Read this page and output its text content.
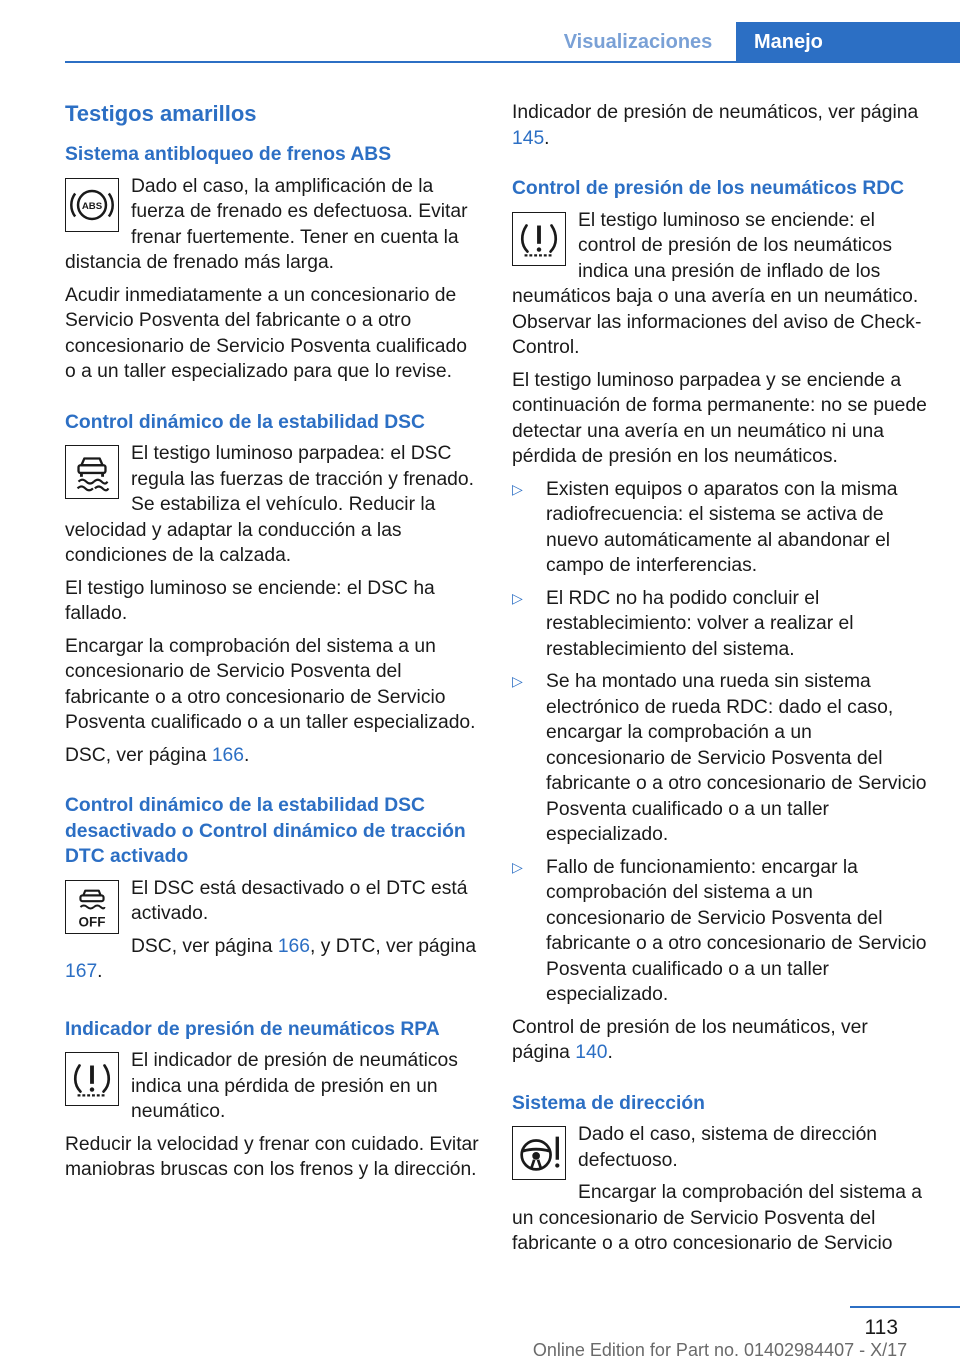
Visualizaciones	Manejo
Testigos amarillos
Sistema antibloqueo de frenos ABS
ABS

Dado el caso, la amplificación de la fuerza de frenado es defectuosa. Evitar frenar fuertemente. Tener en cuenta la distancia de frenado más larga.

Acudir inmediatamente a un concesionario de Servicio Posventa del fabricante o a otro concesionario de Servicio Posventa cualificado o a un taller especializado para que lo revise.

Control dinámico de la estabilidad DSC

El testigo luminoso parpadea: el DSC regula las fuerzas de tracción y frenado. Se estabiliza el vehículo. Reducir la velocidad y adaptar la conducción a las condiciones de la calzada.

El testigo luminoso se enciende: el DSC ha fallado.

Encargar la comprobación del sistema a un concesionario de Servicio Posventa del fabricante o a otro concesionario de Servicio Posventa cualificado o a un taller especializado.

DSC, ver página 166.

Control dinámico de la estabilidad DSC desactivado o Control dinámico de tracción DTC activado
OFF

El DSC está desactivado o el DTC está activado.

DSC, ver página 166, y DTC, ver página 167.

Indicador de presión de neumáticos RPA

El indicador de presión de neumáticos indica una pérdida de presión en un neumático.

Reducir la velocidad y frenar con cuidado. Evitar maniobras bruscas con los frenos y la dirección.

Indicador de presión de neumáticos, ver página 145.

Control de presión de los neumáticos RDC

El testigo luminoso se enciende: el control de presión de los neumáticos indica una presión de inflado de los neumáticos baja o una avería en un neumático. Observar las informaciones del aviso de Check-Control.

El testigo luminoso parpadea y se enciende a continuación de forma permanente: no se puede detectar una avería en un neumático ni una pérdida de presión en los neumáticos.

▷ Existen equipos o aparatos con la misma radiofrecuencia: el sistema se activa de nuevo automáticamente al abandonar el campo de interferencias.
▷ El RDC no ha podido concluir el restablecimiento: volver a realizar el restablecimiento del sistema.
▷ Se ha montado una rueda sin sistema electrónico de rueda RDC: dado el caso, encargar la comprobación a un concesionario de Servicio Posventa del fabricante o a otro concesionario de Servicio Posventa cualificado o a un taller especializado.
▷ Fallo de funcionamiento: encargar la comprobación del sistema a un concesionario de Servicio Posventa del fabricante o a otro concesionario de Servicio Posventa cualificado o a un taller especializado.

Control de presión de los neumáticos, ver página 140.

Sistema de dirección

Dado el caso, sistema de dirección defectuoso.

Encargar la comprobación del sistema a un concesionario de Servicio Posventa del fabricante o a otro concesionario de Servicio

113
Online Edition for Part no. 01402984407 - X/17
